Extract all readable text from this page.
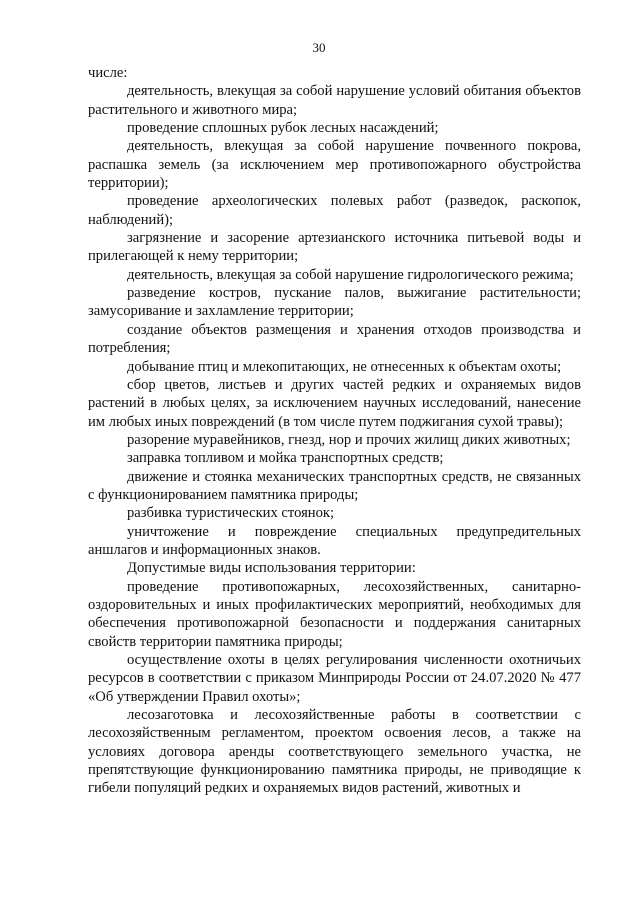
30

числе:

деятельность, влекущая за собой нарушение условий обитания объектов растительного и животного мира;

проведение сплошных рубок лесных насаждений;

деятельность, влекущая за собой нарушение почвенного покрова, распашка земель (за исключением мер противопожарного обустройства территории);

проведение археологических полевых работ (разведок, раскопок, наблюдений);

загрязнение и засорение артезианского источника питьевой воды и прилегающей к нему территории;

деятельность, влекущая за собой нарушение гидрологического режима;

разведение костров, пускание палов, выжигание растительности; замусоривание и захламление территории;

создание объектов размещения и хранения отходов производства и потребления;

добывание птиц и млекопитающих, не отнесенных к объектам охоты;

сбор цветов, листьев и других частей редких и охраняемых видов растений в любых целях, за исключением научных исследований, нанесение им любых иных повреждений (в том числе путем поджигания сухой травы);

разорение муравейников, гнезд, нор и прочих жилищ диких животных;

заправка топливом и мойка транспортных средств;

движение и стоянка механических транспортных средств, не связанных с функционированием памятника природы;

разбивка туристических стоянок;

уничтожение и повреждение специальных предупредительных аншлагов и информационных знаков.

Допустимые виды использования территории:

проведение противопожарных, лесохозяйственных, санитарно-оздоровительных и иных профилактических мероприятий, необходимых для обеспечения противопожарной безопасности и поддержания санитарных свойств территории памятника природы;

осуществление охоты в целях регулирования численности охотничьих ресурсов в соответствии с приказом Минприроды России от 24.07.2020 № 477 «Об утверждении Правил охоты»;

лесозаготовка и лесохозяйственные работы в соответствии с лесохозяйственным регламентом, проектом освоения лесов, а также на условиях договора аренды соответствующего земельного участка, не препятствующие функционированию памятника природы, не приводящие к гибели популяций редких и охраняемых видов растений, животных и
